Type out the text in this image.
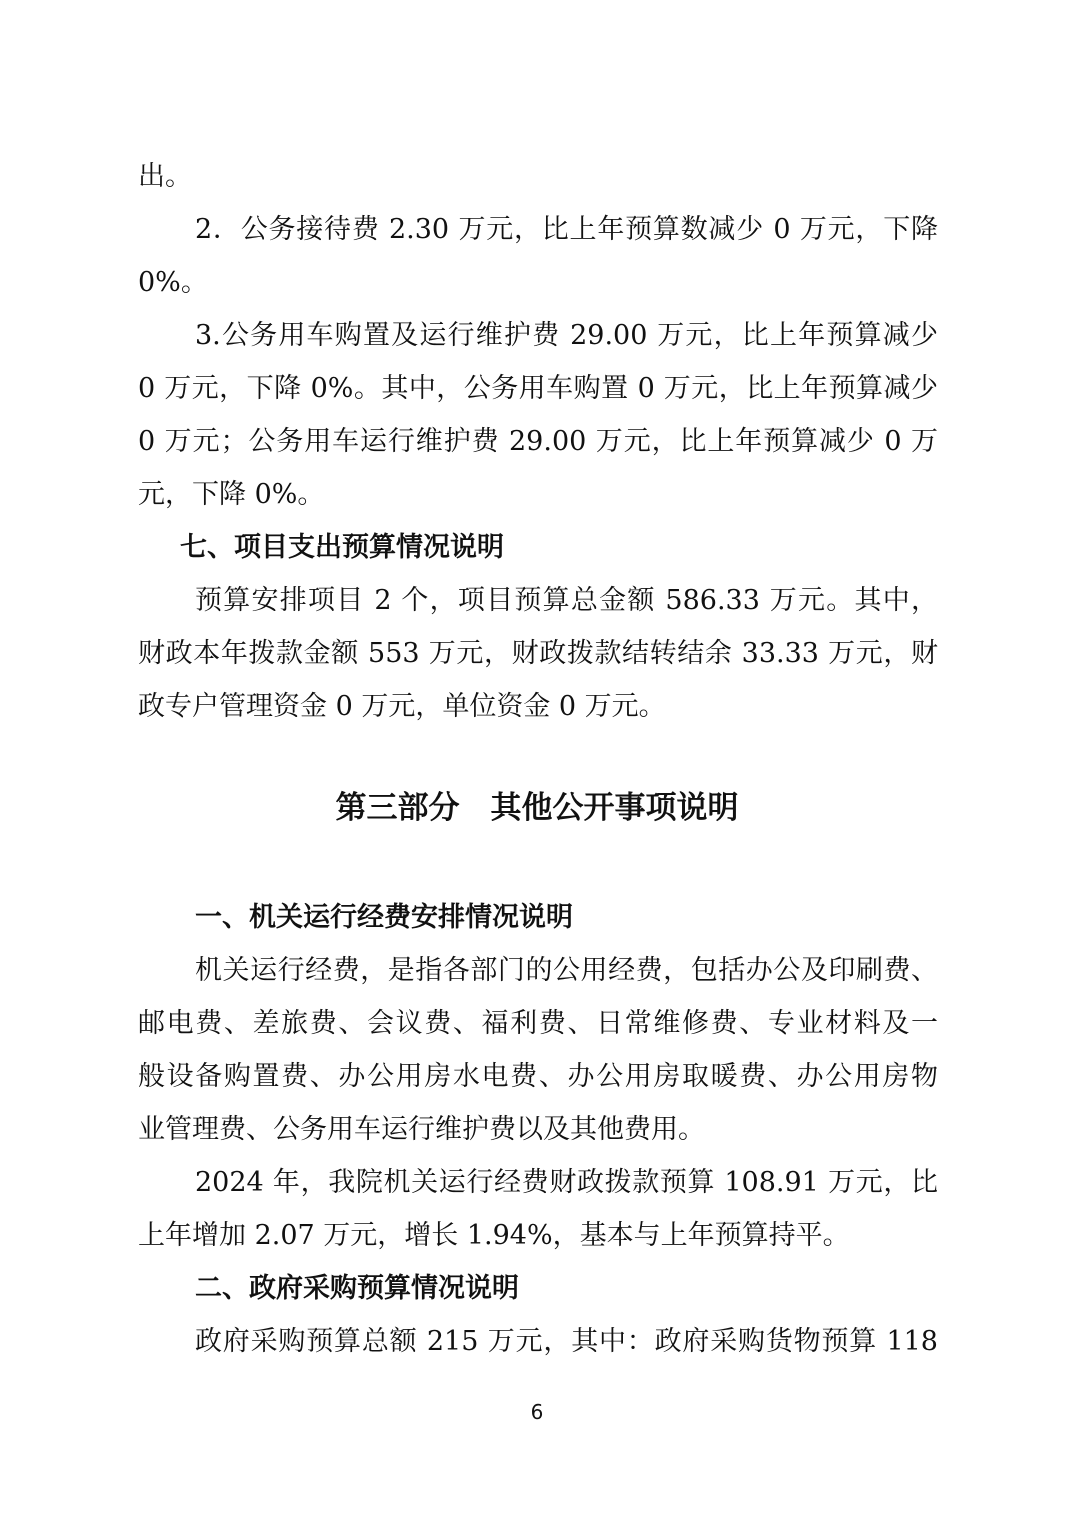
出。
2．公务接待费 2.30 万元，比上年预算数减少 0 万元，下降
0%。
3.公务用车购置及运行维护费 29.00 万元，比上年预算减少
0 万元，下降 0%。其中，公务用车购置 0 万元，比上年预算减少
0 万元；公务用车运行维护费 29.00 万元，比上年预算减少 0 万
元，下降 0%。
七、项目支出预算情况说明
预算安排项目 2 个，项目预算总金额 586.33 万元。其中，
财政本年拨款金额 553 万元，财政拨款结转结余 33.33 万元，财
政专户管理资金 0 万元，单位资金 0 万元。
第三部分　其他公开事项说明
一、机关运行经费安排情况说明
机关运行经费，是指各部门的公用经费，包括办公及印刷费、
邮电费、差旅费、会议费、福利费、日常维修费、专业材料及一
般设备购置费、办公用房水电费、办公用房取暖费、办公用房物
业管理费、公务用车运行维护费以及其他费用。
2024 年，我院机关运行经费财政拨款预算 108.91 万元，比
上年增加 2.07 万元，增长 1.94%，基本与上年预算持平。
二、政府采购预算情况说明
政府采购预算总额 215 万元，其中：政府采购货物预算 118
6
